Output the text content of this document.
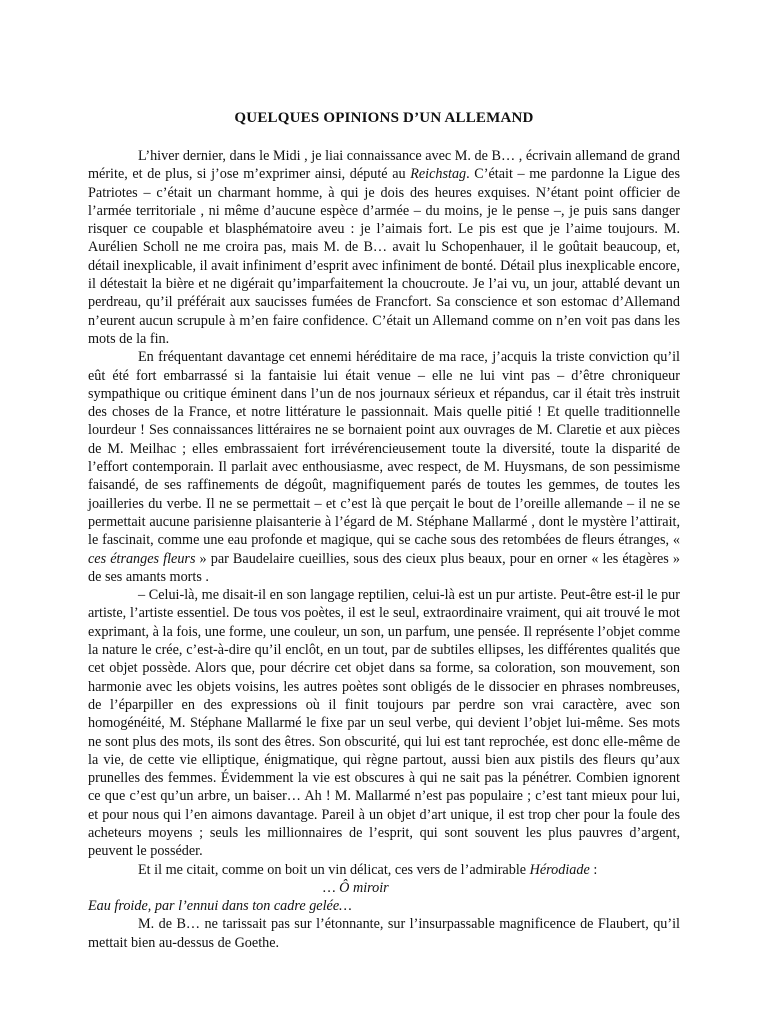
QUELQUES OPINIONS D’UN ALLEMAND

L’hiver dernier, dans le Midi , je liai connaissance avec M. de B… , écrivain allemand de grand mérite, et de plus, si j’ose m’exprimer ainsi, député au Reichstag. C’était – me pardonne la Ligue des Patriotes – c’était un charmant homme, à qui je dois des heures exquises. N’étant point officier de l’armée territoriale , ni même d’aucune espèce d’armée – du moins, je le pense –, je puis sans danger risquer ce coupable et blasphématoire aveu : je l’aimais fort. Le pis est que je l’aime toujours. M. Aurélien Scholl ne me croira pas, mais M. de B… avait lu Schopenhauer, il le goûtait beaucoup, et, détail inexplicable, il avait infiniment d’esprit avec infiniment de bonté. Détail plus inexplicable encore, il détestait la bière et ne digérait qu’imparfaitement la choucroute. Je l’ai vu, un jour, attablé devant un perdreau, qu’il préférait aux saucisses fumées de Francfort. Sa conscience et son estomac d’Allemand n’eurent aucun scrupule à m’en faire confidence. C’était un Allemand comme on n’en voit pas dans les mots de la fin.

En fréquentant davantage cet ennemi héréditaire de ma race, j’acquis la triste conviction qu’il eût été fort embarrassé si la fantaisie lui était venue – elle ne lui vint pas – d’être chroniqueur sympathique ou critique éminent dans l’un de nos journaux sérieux et répandus, car il était très instruit des choses de la France, et notre littérature le passionnait. Mais quelle pitié ! Et quelle traditionnelle lourdeur ! Ses connaissances littéraires ne se bornaient point aux ouvrages de M. Claretie et aux pièces de M. Meilhac ; elles embrassaient fort irrévérencieusement toute la diversité, toute la disparité de l’effort contemporain. Il parlait avec enthousiasme, avec respect, de M. Huysmans, de son pessimisme faisandé, de ses raffinements de dégoût, magnifiquement parés de toutes les gemmes, de toutes les joailleries du verbe. Il ne se permettait – et c’est là que perçait le bout de l’oreille allemande – il ne se permettait aucune parisienne plaisanterie à l’égard de M. Stéphane Mallarmé , dont le mystère l’attirait, le fascinait, comme une eau profonde et magique, qui se cache sous des retombées de fleurs étranges, « ces étranges fleurs » par Baudelaire cueillies, sous des cieux plus beaux, pour en orner « les étagères » de ses amants morts .

– Celui-là, me disait-il en son langage reptilien, celui-là est un pur artiste. Peut-être est-il le pur artiste, l’artiste essentiel. De tous vos poètes, il est le seul, extraordinaire vraiment, qui ait trouvé le mot exprimant, à la fois, une forme, une couleur, un son, un parfum, une pensée. Il représente l’objet comme la nature le crée, c’est-à-dire qu’il enclôt, en un tout, par de subtiles ellipses, les différentes qualités que cet objet possède. Alors que, pour décrire cet objet dans sa forme, sa coloration, son mouvement, son harmonie avec les objets voisins, les autres poètes sont obligés de le dissocier en phrases nombreuses, de l’éparpiller en des expressions où il finit toujours par perdre son vrai caractère, avec son homogénéité, M. Stéphane Mallarmé le fixe par un seul verbe, qui devient l’objet lui-même. Ses mots ne sont plus des mots, ils sont des êtres. Son obscurité, qui lui est tant reprochée, est donc elle-même de la vie, de cette vie elliptique, énigmatique, qui règne partout, aussi bien aux pistils des fleurs qu’aux prunelles des femmes. Évidemment la vie est obscures à qui ne sait pas la pénétrer. Combien ignorent ce que c’est qu’un arbre, un baiser… Ah ! M. Mallarmé n’est pas populaire ; c’est tant mieux pour lui, et pour nous qui l’en aimons davantage. Pareil à un objet d’art unique, il est trop cher pour la foule des acheteurs moyens ; seuls les millionnaires de l’esprit, qui sont souvent les plus pauvres d’argent, peuvent le posséder.

Et il me citait, comme on boit un vin délicat, ces vers de l’admirable Hérodiade :

… Ô miroir
Eau froide, par l’ennui dans ton cadre gelée…

M. de B… ne tarissait pas sur l’étonnante, sur l’insurpassable magnificence de Flaubert, qu’il mettait bien au-dessus de Goethe.
